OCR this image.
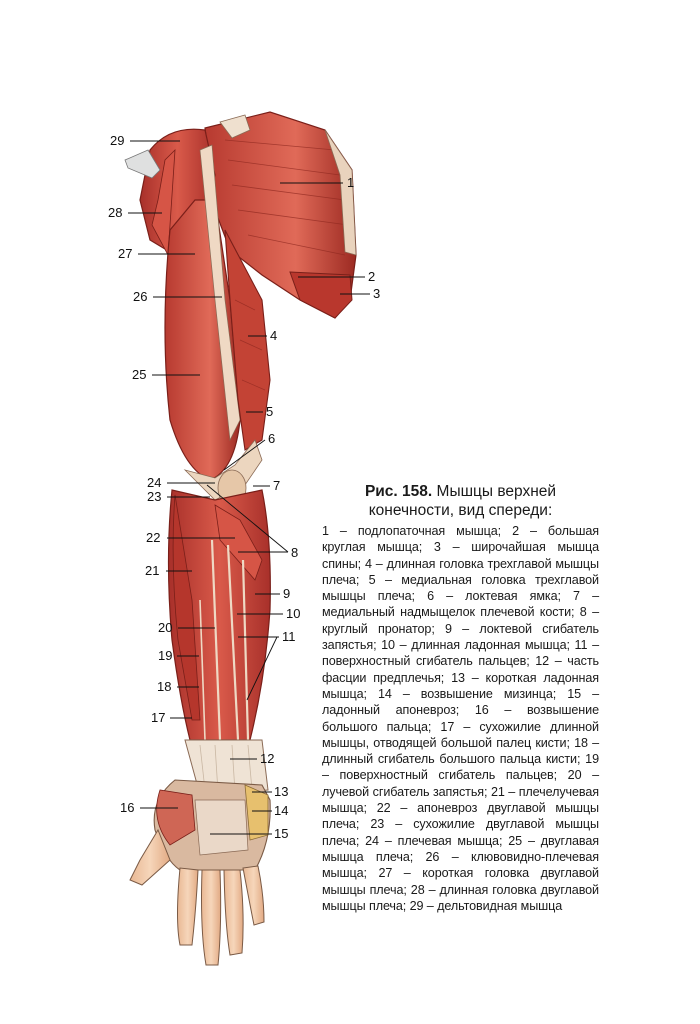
1
2
3
4
5
6
7
8
9
10
11
12
13
14
15
16
17
18
19
20
21
22
23
24
25
26
27
28
29

Рис. 158. Мышцы верхней
конечности, вид спереди:

1 – подлопаточная мышца; 2 – большая круглая мышца; 3 – широчайшая мышца спины; 4 – длинная головка трехглавой мышцы плеча; 5 – медиальная головка трехглавой мышцы плеча; 6 – локтевая ямка; 7 – медиальный надмыщелок плечевой кости; 8 – круглый пронатор; 9 – локтевой сгибатель запястья; 10 – длинная ладонная мышца; 11 – поверхностный сгибатель пальцев; 12 – часть фасции предплечья; 13 – короткая ладонная мышца; 14 – возвышение мизинца; 15 – ладонный апоневроз; 16 – возвышение большого пальца; 17 – сухожилие длинной мышцы, отводящей большой палец кисти; 18 – длинный сгибатель большого пальца кисти; 19 – поверхностный сгибатель пальцев; 20 – лучевой сгибатель запястья; 21 – плечелучевая мышца; 22 – апоневроз двуглавой мышцы плеча; 23 – сухожилие двуглавой мышцы плеча; 24 – плечевая мышца; 25 – двуглавая мышца плеча; 26 – клювовидно-плечевая мышца; 27 – короткая головка двуглавой мышцы плеча; 28 – длинная головка двуглавой мышцы плеча; 29 – дельтовидная мышца
